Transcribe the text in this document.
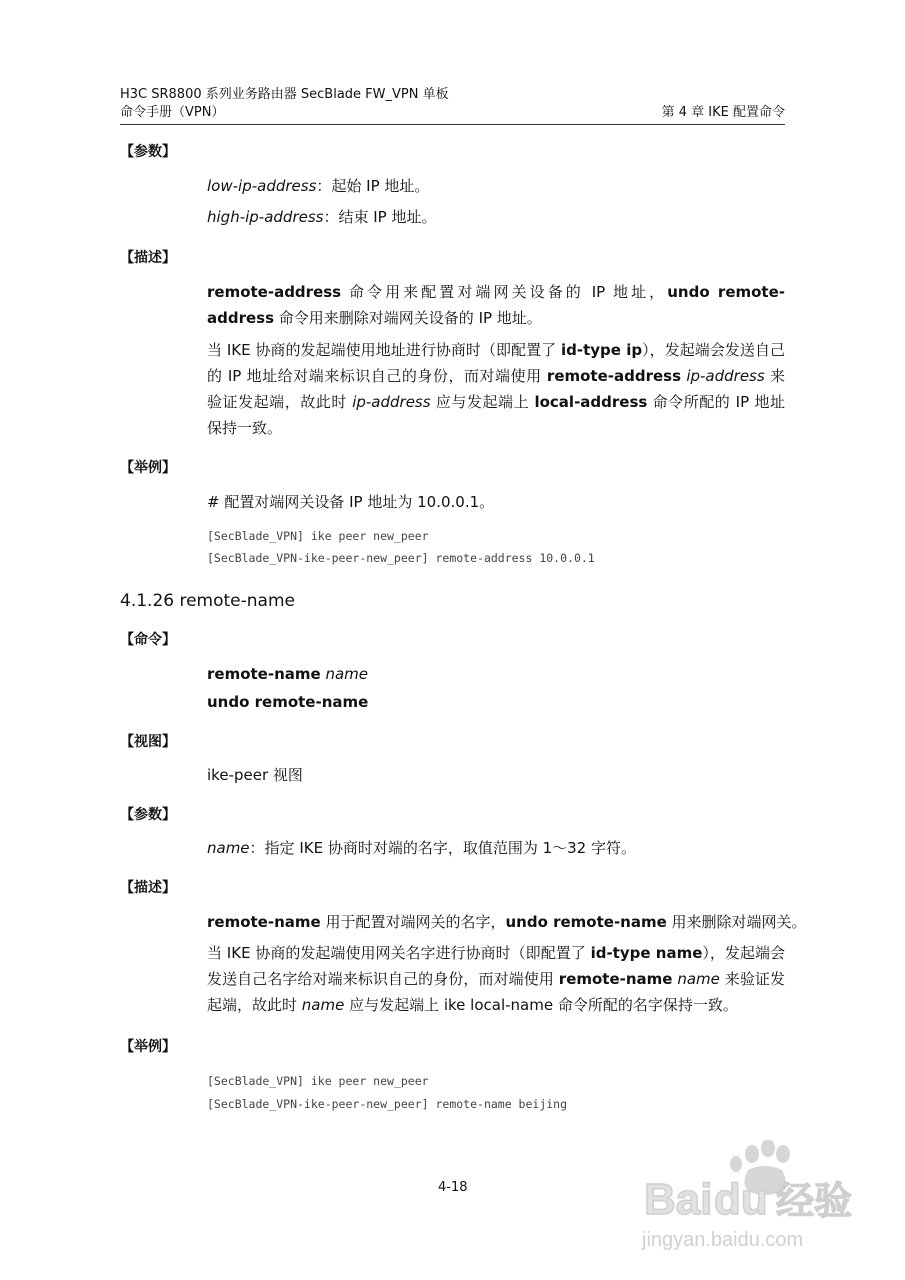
H3C SR8800 系列业务路由器 SecBlade FW_VPN 单板
命令手册（VPN）	第 4 章 IKE 配置命令
【参数】
low-ip-address：起始 IP 地址。
high-ip-address：结束 IP 地址。
【描述】
remote-address 命令用来配置对端网关设备的 IP 地址，undo remote-address 命令用来删除对端网关设备的 IP 地址。
当 IKE 协商的发起端使用地址进行协商时（即配置了 id-type ip），发起端会发送自己的 IP 地址给对端来标识自己的身份，而对端使用 remote-address ip-address 来验证发起端，故此时 ip-address 应与发起端上 local-address 命令所配的 IP 地址保持一致。
【举例】
# 配置对端网关设备 IP 地址为 10.0.0.1。
[SecBlade_VPN] ike peer new_peer
[SecBlade_VPN-ike-peer-new_peer] remote-address 10.0.0.1
4.1.26 remote-name
【命令】
remote-name name
undo remote-name
【视图】
ike-peer 视图
【参数】
name：指定 IKE 协商时对端的名字，取值范围为 1～32 字符。
【描述】
remote-name 用于配置对端网关的名字，undo remote-name 用来删除对端网关。
当 IKE 协商的发起端使用网关名字进行协商时（即配置了 id-type name），发起端会发送自己名字给对端来标识自己的身份，而对端使用 remote-name name 来验证发起端，故此时 name 应与发起端上 ike local-name 命令所配的名字保持一致。
【举例】
[SecBlade_VPN] ike peer new_peer
[SecBlade_VPN-ike-peer-new_peer] remote-name beijing
4-18	Bai du 经验
jingyan.baidu.com
